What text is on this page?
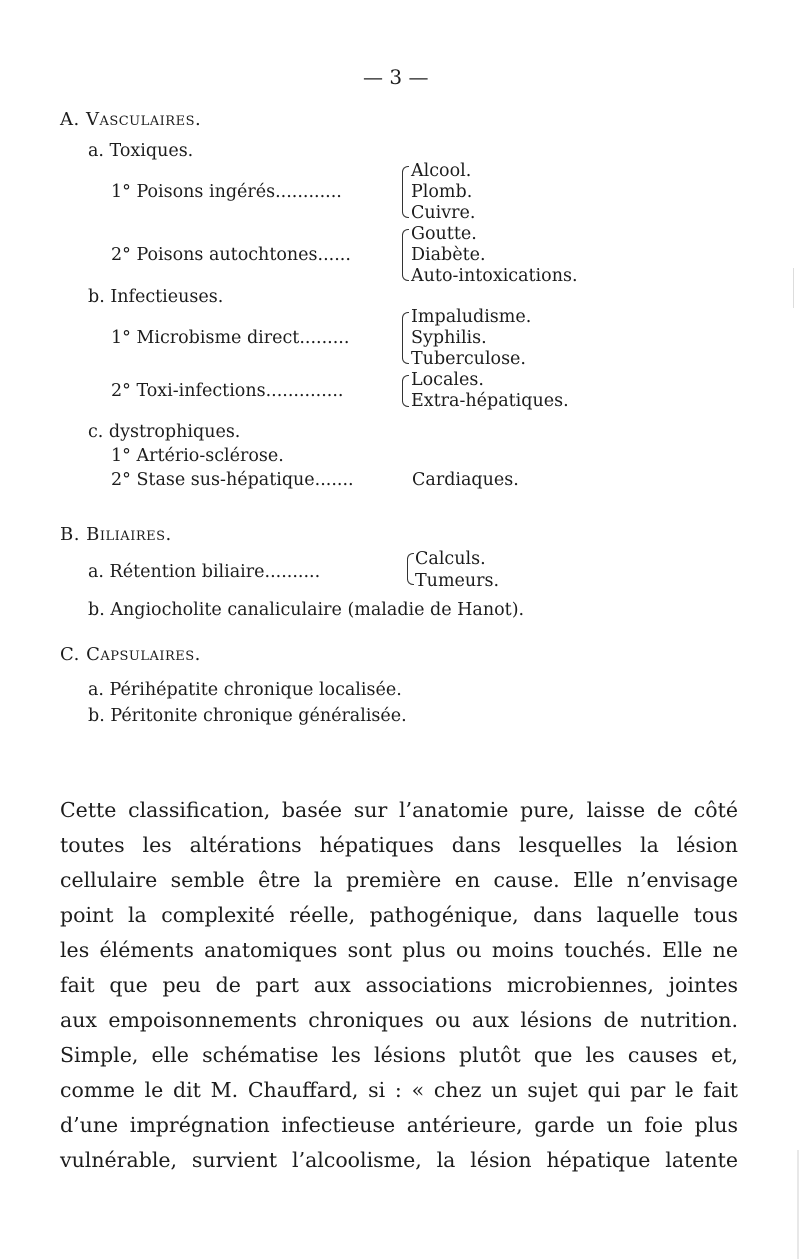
— 3 —
A. Vasculaires.
a. Toxiques.
1° Poisons ingérés............
Alcool.
Plomb.
Cuivre.
2° Poisons autochtones......
Goutte.
Diabète.
Auto-intoxications.
b. Infectieuses.
1° Microbisme direct.........
Impaludisme.
Syphilis.
Tuberculose.
2° Toxi-infections..............
Locales.
Extra-hépatiques.
c. dystrophiques.
1° Artério-sclérose.
2° Stase sus-hépatique.......	Cardiaques.
B. Biliaires.
a. Rétention biliaire..........
Calculs.
Tumeurs.
b. Angiocholite canaliculaire (maladie de Hanot).
C. Capsulaires.
a. Périhépatite chronique localisée.
b. Péritonite chronique généralisée.
Cette classification, basée sur l’anatomie pure, laisse de côté
toutes les altérations hépatiques dans lesquelles la lésion
cellulaire semble être la première en cause. Elle n’envisage
point la complexité réelle, pathogénique, dans laquelle tous
les éléments anatomiques sont plus ou moins touchés. Elle ne
fait que peu de part aux associations microbiennes, jointes
aux empoisonnements chroniques ou aux lésions de nutrition.
Simple, elle schématise les lésions plutôt que les causes et,
comme le dit M. Chauffard, si : « chez un sujet qui par le fait
d’une imprégnation infectieuse antérieure, garde un foie plus
vulnérable, survient l’alcoolisme, la lésion hépatique latente
